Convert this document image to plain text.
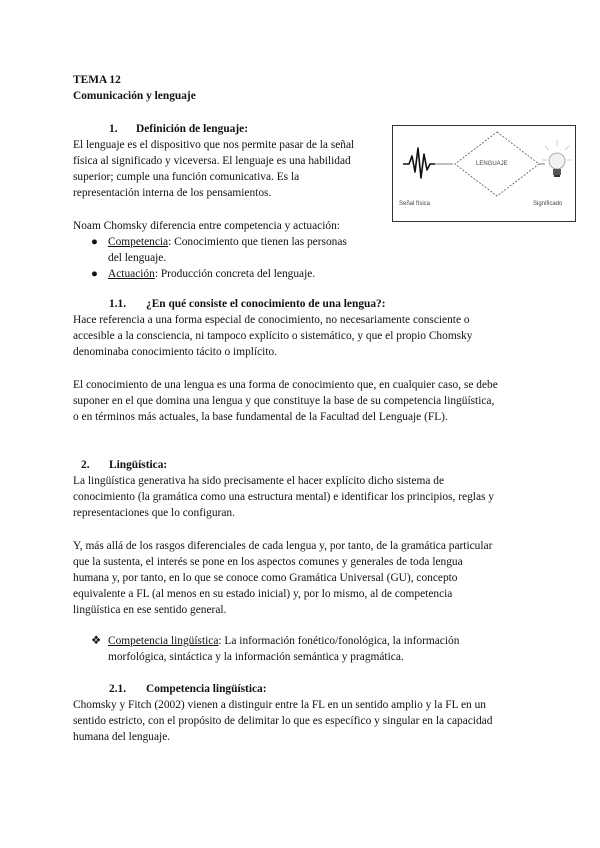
TEMA 12
Comunicación y lenguaje
1. Definición de lenguaje:
El lenguaje es el dispositivo que nos permite pasar de la señal
física al significado y viceversa. El lenguaje es una habilidad
superior; cumple una función comunicativa. Es la
representación interna de los pensamientos.
LENGUAJE
Señal física	Significado
Noam Chomsky diferencia entre competencia y actuación:
● Competencia: Conocimiento que tienen las personas
del lenguaje.
● Actuación: Producción concreta del lenguaje.
1.1. ¿En qué consiste el conocimiento de una lengua?:
Hace referencia a una forma especial de conocimiento, no necesariamente consciente o
accesible a la consciencia, ni tampoco explícito o sistemático, y que el propio Chomsky
denominaba conocimiento tácito o implícito.
El conocimiento de una lengua es una forma de conocimiento que, en cualquier caso, se debe
suponer en el que domina una lengua y que constituye la base de su competencia lingüística,
o en términos más actuales, la base fundamental de la Facultad del Lenguaje (FL).
2. Lingüística:
La lingüística generativa ha sido precisamente el hacer explícito dicho sistema de
conocimiento (la gramática como una estructura mental) e identificar los principios, reglas y
representaciones que lo configuran.
Y, más allá de los rasgos diferenciales de cada lengua y, por tanto, de la gramática particular
que la sustenta, el interés se pone en los aspectos comunes y generales de toda lengua
humana y, por tanto, en lo que se conoce como Gramática Universal (GU), concepto
equivalente a FL (al menos en su estado inicial) y, por lo mismo, al de competencia
lingüística en ese sentido general.
❖ Competencia lingüística: La información fonético/fonológica, la información
morfológica, sintáctica y la información semántica y pragmática.
2.1. Competencia lingüística:
Chomsky y Fitch (2002) vienen a distinguir entre la FL en un sentido amplio y la FL en un
sentido estricto, con el propósito de delimitar lo que es específico y singular en la capacidad
humana del lenguaje.
